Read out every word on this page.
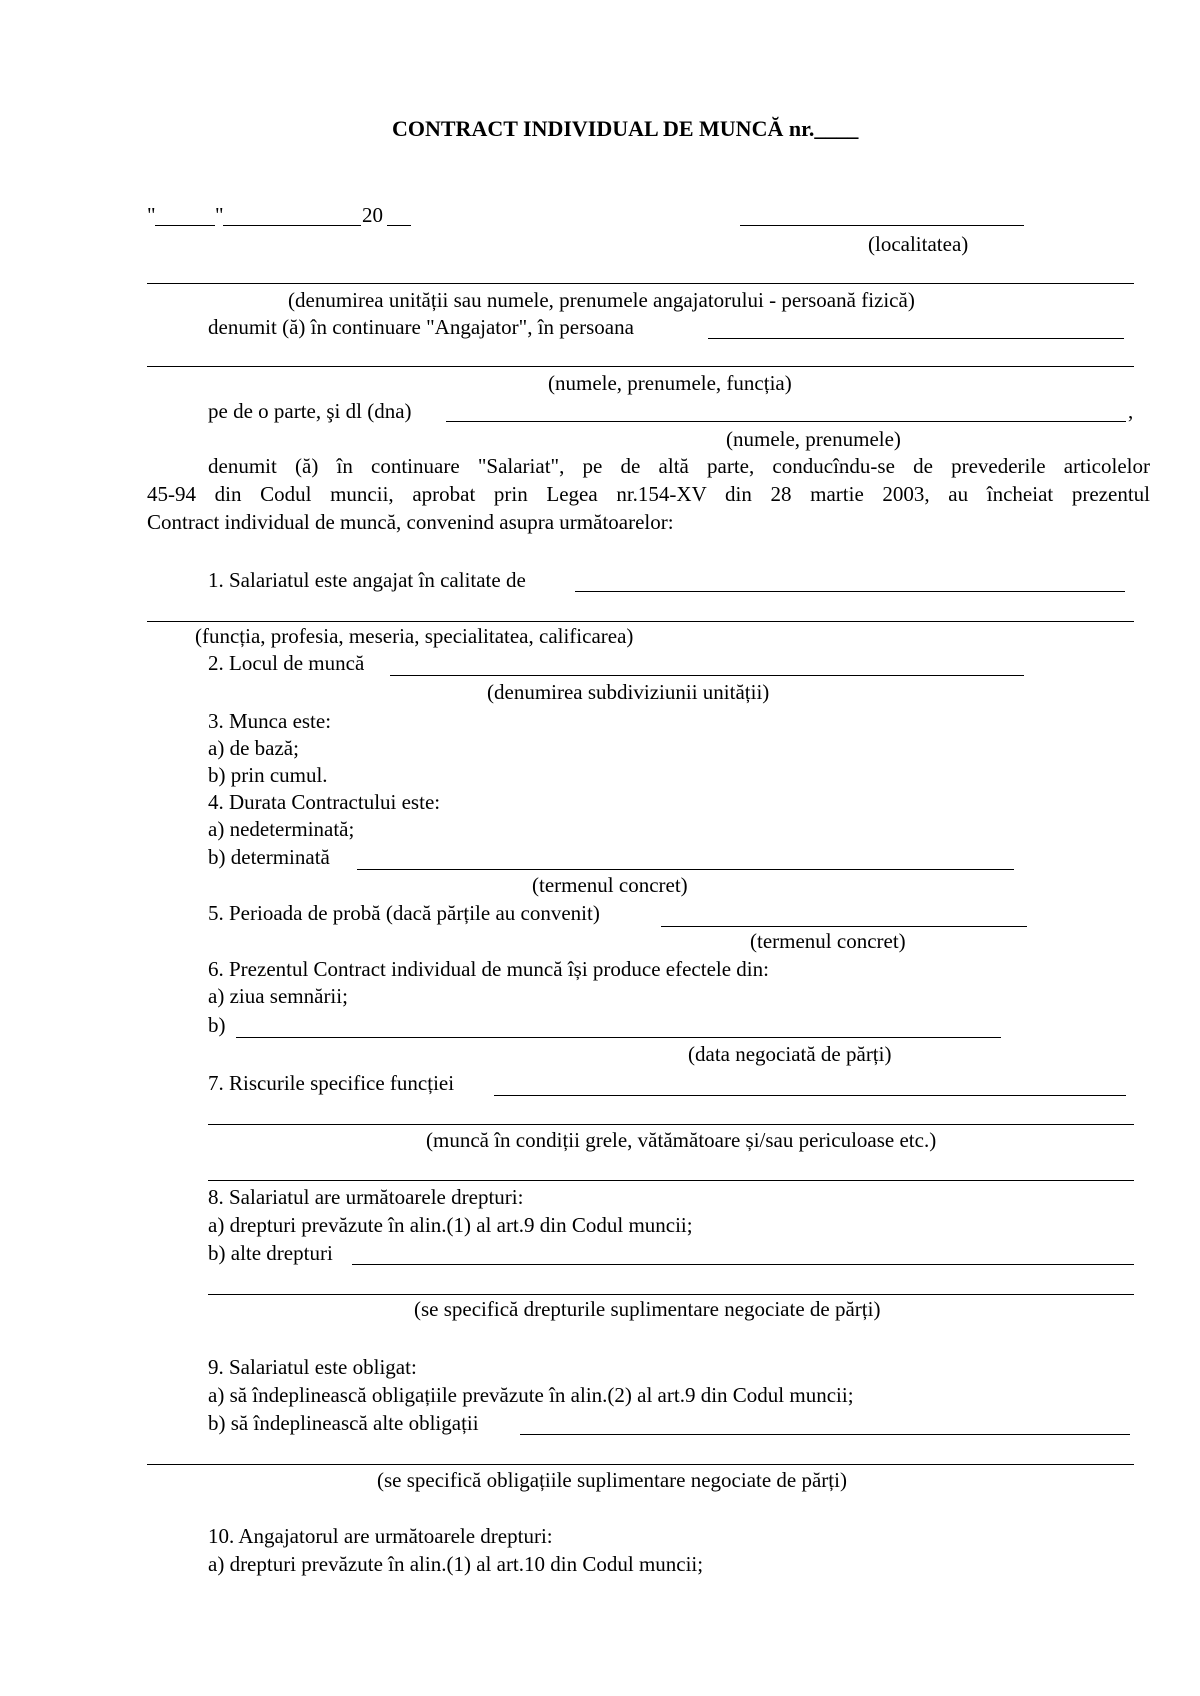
CONTRACT INDIVIDUAL DE MUNCĂ nr.____
"	"	20
(localitatea)
(denumirea unității sau numele, prenumele angajatorului - persoană fizică)
denumit (ă) în continuare "Angajator", în persoana
(numele, prenumele, funcția)
pe de o parte, şi dl (dna)	,
(numele, prenumele)
denumit (ă) în continuare "Salariat", pe de altă parte, conducîndu-se de prevederile articolelor
45-94 din Codul muncii, aprobat prin Legea nr.154-XV din 28 martie 2003, au încheiat prezentul
Contract individual de muncă, convenind asupra următoarelor:
1. Salariatul este angajat în calitate de
(funcția, profesia, meseria, specialitatea, calificarea)
2. Locul de muncă
(denumirea subdiviziunii unității)
3. Munca este:
a) de bază;
b) prin cumul.
4. Durata Contractului este:
a) nedeterminată;
b) determinată
(termenul concret)
5. Perioada de probă (dacă părțile au convenit)
(termenul concret)
6. Prezentul Contract individual de muncă își produce efectele din:
a) ziua semnării;
b)
(data negociată de părți)
7. Riscurile specifice funcției
(muncă în condiții grele, vătămătoare și/sau periculoase etc.)
8. Salariatul are următoarele drepturi:
a) drepturi prevăzute în alin.(1) al art.9 din Codul muncii;
b) alte drepturi
(se specifică drepturile suplimentare negociate de părți)
9. Salariatul este obligat:
a) să îndeplinească obligațiile prevăzute în alin.(2) al art.9 din Codul muncii;
b) să îndeplinească alte obligații
(se specifică obligațiile suplimentare negociate de părți)
10. Angajatorul are următoarele drepturi:
a) drepturi prevăzute în alin.(1) al art.10 din Codul muncii;
